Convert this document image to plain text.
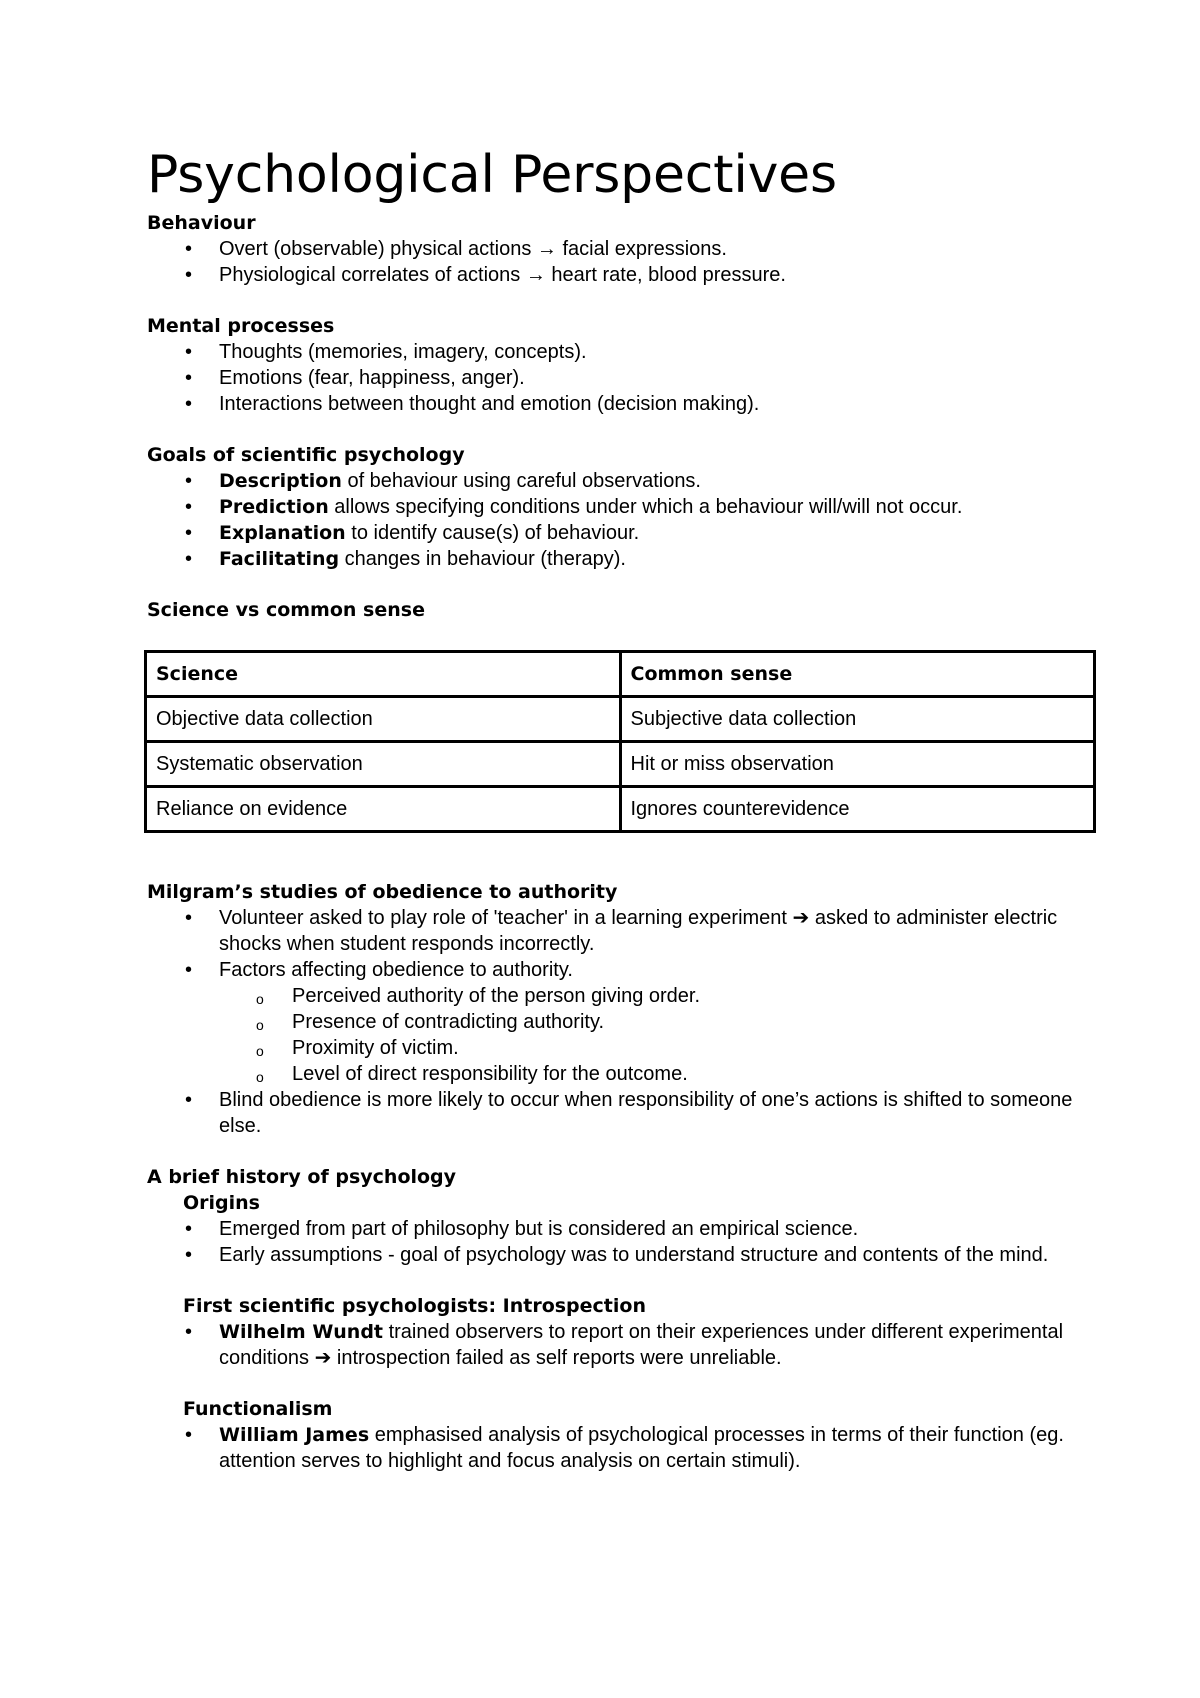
Psychological Perspectives
Behaviour
• Overt (observable) physical actions → facial expressions.
• Physiological correlates of actions → heart rate, blood pressure.
Mental processes
• Thoughts (memories, imagery, concepts).
• Emotions (fear, happiness, anger).
• Interactions between thought and emotion (decision making).
Goals of scientific psychology
• Description of behaviour using careful observations.
• Prediction allows specifying conditions under which a behaviour will/will not occur.
• Explanation to identify cause(s) of behaviour.
• Facilitating changes in behaviour (therapy).
Science vs common sense
Science	Common sense
Objective data collection	Subjective data collection
Systematic observation	Hit or miss observation
Reliance on evidence	Ignores counterevidence
Milgram’s studies of obedience to authority
• Volunteer asked to play role of 'teacher' in a learning experiment ➔ asked to administer electric shocks when student responds incorrectly.
• Factors affecting obedience to authority.
o Perceived authority of the person giving order.
o Presence of contradicting authority.
o Proximity of victim.
o Level of direct responsibility for the outcome.
• Blind obedience is more likely to occur when responsibility of one’s actions is shifted to someone else.
A brief history of psychology
Origins
• Emerged from part of philosophy but is considered an empirical science.
• Early assumptions - goal of psychology was to understand structure and contents of the mind.
First scientific psychologists: Introspection
• Wilhelm Wundt trained observers to report on their experiences under different experimental conditions ➔ introspection failed as self reports were unreliable.
Functionalism
• William James emphasised analysis of psychological processes in terms of their function (eg. attention serves to highlight and focus analysis on certain stimuli).
